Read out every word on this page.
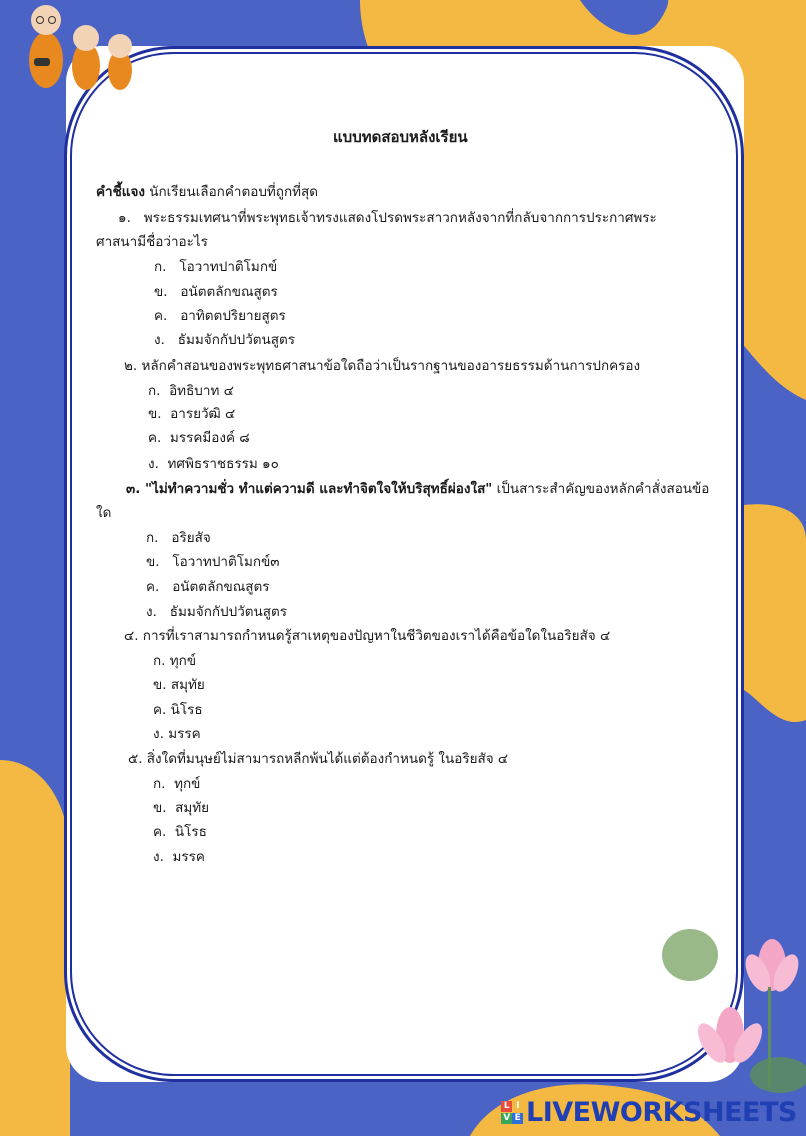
แบบทดสอบหลังเรียน
คำชี้แจง นักเรียนเลือกคำตอบที่ถูกที่สุด
๑. พระธรรมเทศนาที่พระพุทธเจ้าทรงแสดงโปรดพระสาวกหลังจากที่กลับจากการประกาศพระ
ศาสนามีชื่อว่าอะไร
ก. โอวาทปาติโมกข์
ข. อนัตตลักขณสูตร
ค. อาทิตตปริยายสูตร
ง. ธัมมจักกัปปวัตนสูตร
๒. หลักคำสอนของพระพุทธศาสนาข้อใดถือว่าเป็นรากฐานของอารยธรรมด้านการปกครอง
ก. อิทธิบาท ๔
ข. อารยวัฒิ ๔
ค. มรรคมีองค์ ๘
ง. ทศพิธราชธรรม ๑๐
๓. "ไม่ทำความชั่ว ทำแต่ความดี และทำจิตใจให้บริสุทธิ์ผ่องใส" เป็นสาระสำคัญของหลักคำสั่งสอนข้อ
ใด
ก. อริยสัจ
ข. โอวาทปาติโมกข์๓
ค. อนัตตลักขณสูตร
ง. ธัมมจักกัปปวัตนสูตร
๔. การที่เราสามารถกำหนดรู้สาเหตุของปัญหาในชีวิตของเราได้คือข้อใดในอริยสัจ ๔
ก. ทุกข์
ข. สมุทัย
ค. นิโรธ
ง. มรรค
๕. สิ่งใดที่มนุษย์ไม่สามารถหลีกพ้นได้แต่ต้องกำหนดรู้ ในอริยสัจ ๔
ก. ทุกข์
ข. สมุทัย
ค. นิโรธ
ง. มรรค
L IV E LIVEWORKSHEETS
